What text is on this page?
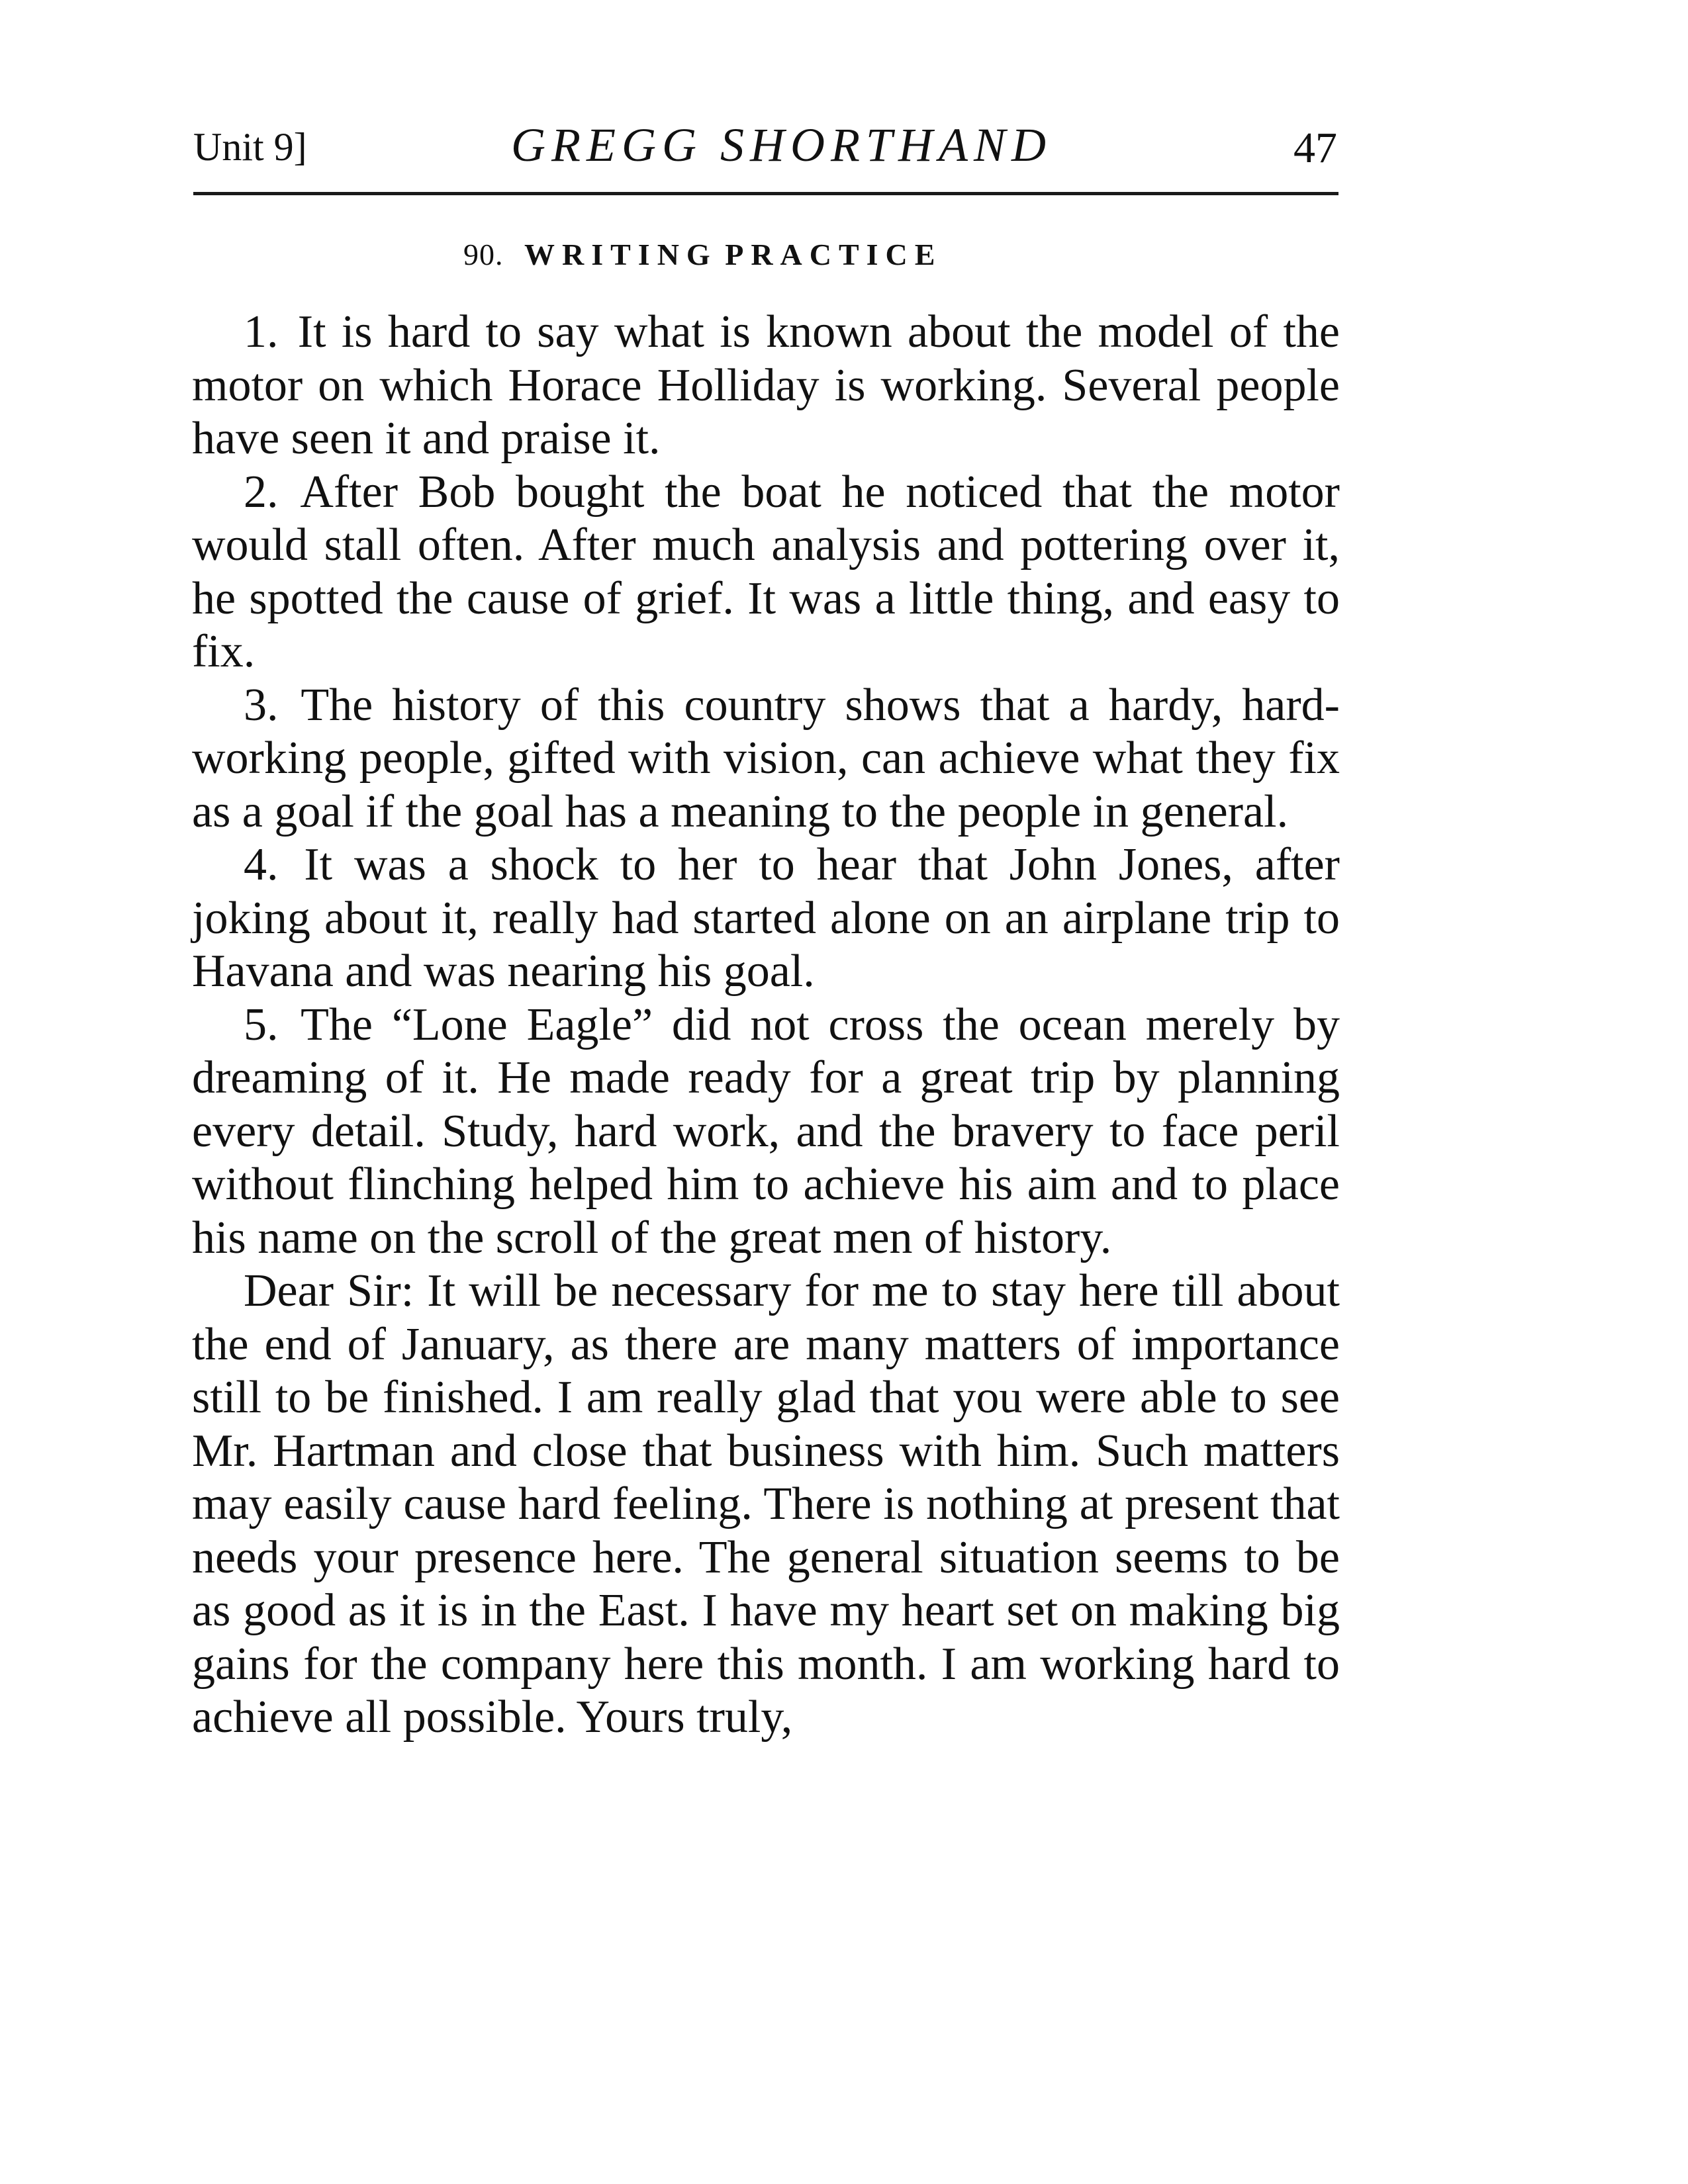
Unit 9]	GREGG SHORTHAND	47
90. WRITING PRACTICE

1. It is hard to say what is known about the model of the motor on which Horace Holliday is working. Several people have seen it and praise it.

2. After Bob bought the boat he noticed that the motor would stall often. After much analysis and pottering over it, he spotted the cause of grief. It was a little thing, and easy to fix.

3. The history of this country shows that a hardy, hard-working people, gifted with vision, can achieve what they fix as a goal if the goal has a meaning to the people in general.

4. It was a shock to her to hear that John Jones, after joking about it, really had started alone on an airplane trip to Havana and was nearing his goal.

5. The “Lone Eagle” did not cross the ocean merely by dreaming of it. He made ready for a great trip by planning every detail. Study, hard work, and the bravery to face peril without flinching helped him to achieve his aim and to place his name on the scroll of the great men of history.

Dear Sir: It will be necessary for me to stay here till about the end of January, as there are many matters of importance still to be finished. I am really glad that you were able to see Mr. Hartman and close that business with him. Such matters may easily cause hard feeling. There is nothing at present that needs your presence here. The general situation seems to be as good as it is in the East. I have my heart set on making big gains for the company here this month. I am working hard to achieve all possible. Yours truly,
